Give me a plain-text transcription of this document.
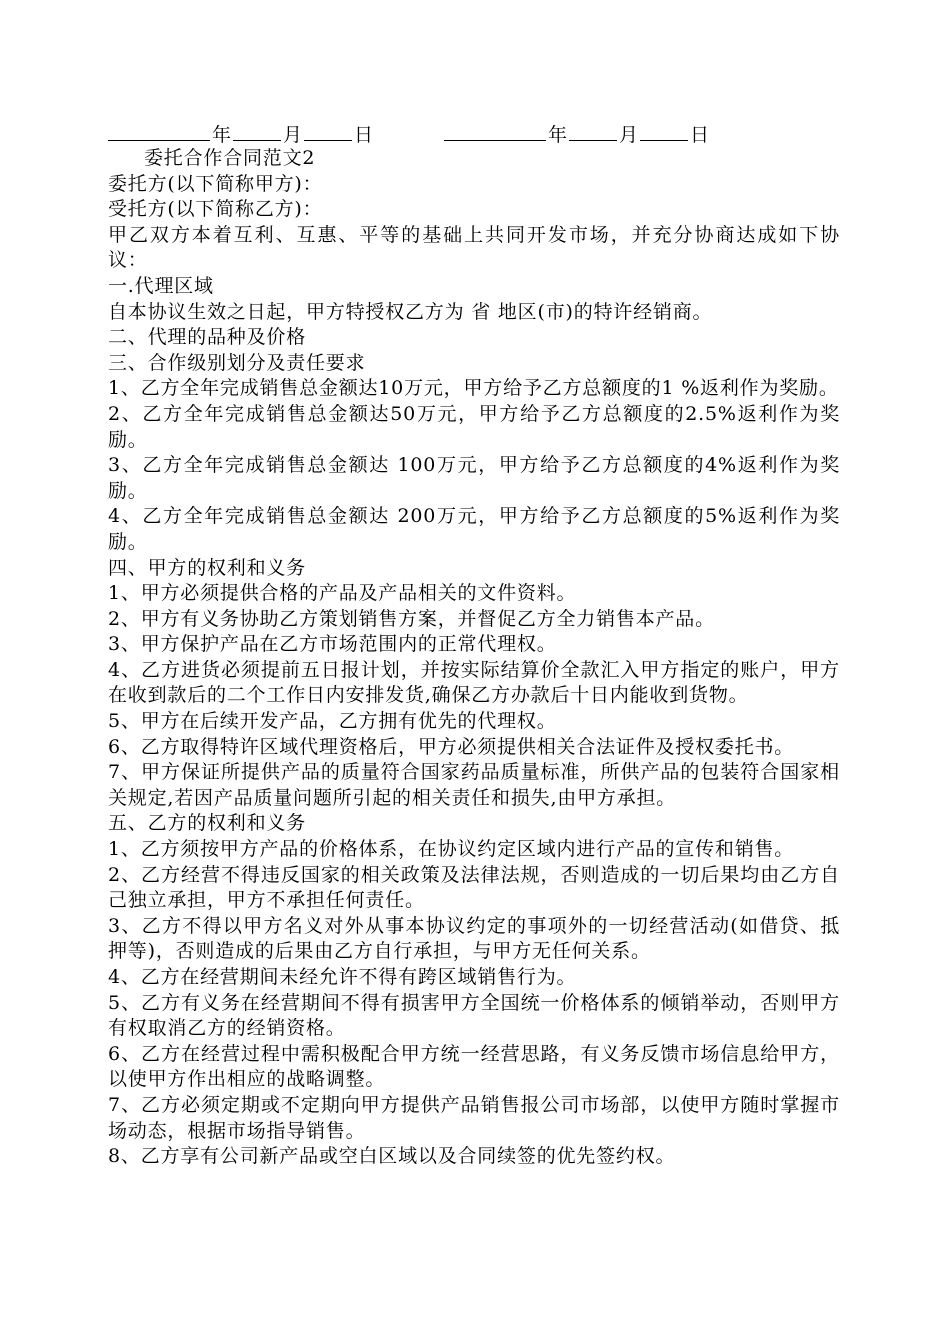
年	月	日	年	月	日

委托合作合同范文2

委托方(以下简称甲方)：

受托方(以下简称乙方)：

甲乙双方本着互利、互惠、平等的基础上共同开发市场，并充分协商达成如下协议：

一.代理区域

自本协议生效之日起，甲方特授权乙方为 省 地区(市)的特许经销商。

二、代理的品种及价格

三、合作级别划分及责任要求

1、乙方全年完成销售总金额达10万元，甲方给予乙方总额度的1 %返利作为奖励。

2、乙方全年完成销售总金额达50万元，甲方给予乙方总额度的2.5%返利作为奖励。

3、乙方全年完成销售总金额达 100万元，甲方给予乙方总额度的4%返利作为奖励。

4、乙方全年完成销售总金额达 200万元，甲方给予乙方总额度的5%返利作为奖励。

四、甲方的权利和义务

1、甲方必须提供合格的产品及产品相关的文件资料。

2、甲方有义务协助乙方策划销售方案，并督促乙方全力销售本产品。

3、甲方保护产品在乙方市场范围内的正常代理权。

4、乙方进货必须提前五日报计划，并按实际结算价全款汇入甲方指定的账户，甲方在收到款后的二个工作日内安排发货,确保乙方办款后十日内能收到货物。

5、甲方在后续开发产品，乙方拥有优先的代理权。

6、乙方取得特许区域代理资格后，甲方必须提供相关合法证件及授权委托书。

7、甲方保证所提供产品的质量符合国家药品质量标准，所供产品的包装符合国家相关规定,若因产品质量问题所引起的相关责任和损失,由甲方承担。

五、乙方的权利和义务

1、乙方须按甲方产品的价格体系，在协议约定区域内进行产品的宣传和销售。

2、乙方经营不得违反国家的相关政策及法律法规，否则造成的一切后果均由乙方自己独立承担，甲方不承担任何责任。

3、乙方不得以甲方名义对外从事本协议约定的事项外的一切经营活动(如借贷、抵押等)，否则造成的后果由乙方自行承担，与甲方无任何关系。

4、乙方在经营期间未经允许不得有跨区域销售行为。

5、乙方有义务在经营期间不得有损害甲方全国统一价格体系的倾销举动，否则甲方有权取消乙方的经销资格。

6、乙方在经营过程中需积极配合甲方统一经营思路，有义务反馈市场信息给甲方，以使甲方作出相应的战略调整。

7、乙方必须定期或不定期向甲方提供产品销售报公司市场部，以使甲方随时掌握市场动态，根据市场指导销售。

8、乙方享有公司新产品或空白区域以及合同续签的优先签约权。
